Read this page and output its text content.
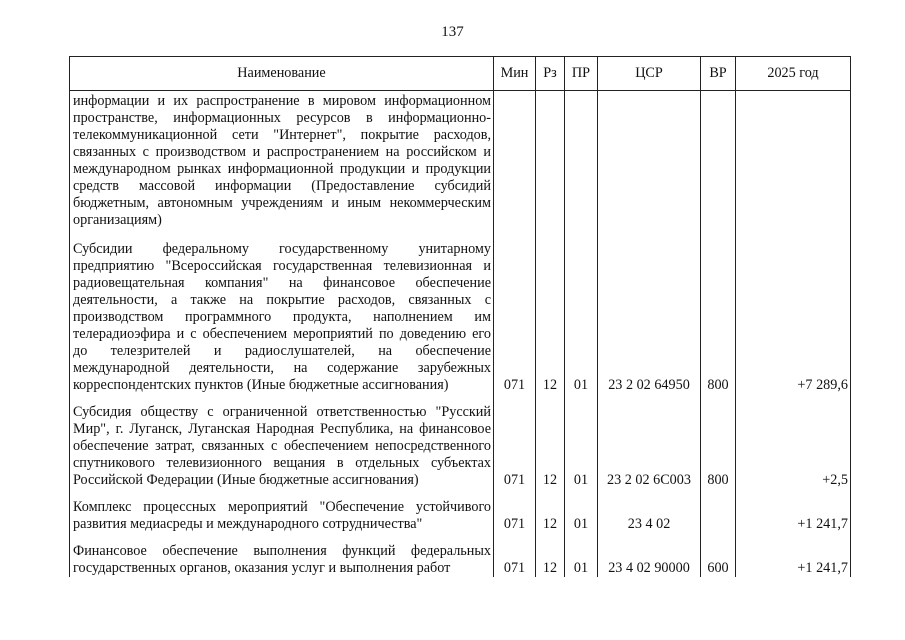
137
Наименование	Мин	Рз	ПР	ЦСР	ВР	2025 год
информации и их распространение в мировом информационном пространстве, информационных ресурсов в информационно-телекоммуникационной сети "Интернет", покрытие расходов, связанных с производством и распространением на российском и международном рынках информационной продукции и продукции средств массовой информации (Предоставление субсидий бюджетным, автономным учреждениям и иным некоммерческим организациям)						

Субсидии федеральному государственному унитарному предприятию "Всероссийская государственная телевизионная и радиовещательная компания" на финансовое обеспечение деятельности, а также на покрытие расходов, связанных с производством программного продукта, наполнением им телерадиоэфира и с обеспечением мероприятий по доведению его до телезрителей и радиослушателей, на обеспечение международной деятельности, на содержание зарубежных корреспондентских пунктов (Иные бюджетные ассигнования)	071	12	01	23 2 02 64950	800	+7 289,6

Субсидия обществу с ограниченной ответственностью "Русский Мир", г. Луганск, Луганская Народная Республика, на финансовое обеспечение затрат, связанных с обеспечением непосредственного спутникового телевизионного вещания в отдельных субъектах Российской Федерации (Иные бюджетные ассигнования)	071	12	01	23 2 02 6С003	800	+2,5

Комплекс процессных мероприятий "Обеспечение устойчивого развития медиасреды и международного сотрудничества"	071	12	01	23 4 02		+1 241,7

Финансовое обеспечение выполнения функций федеральных государственных органов, оказания услуг и выполнения работ	071	12	01	23 4 02 90000	600	+1 241,7
